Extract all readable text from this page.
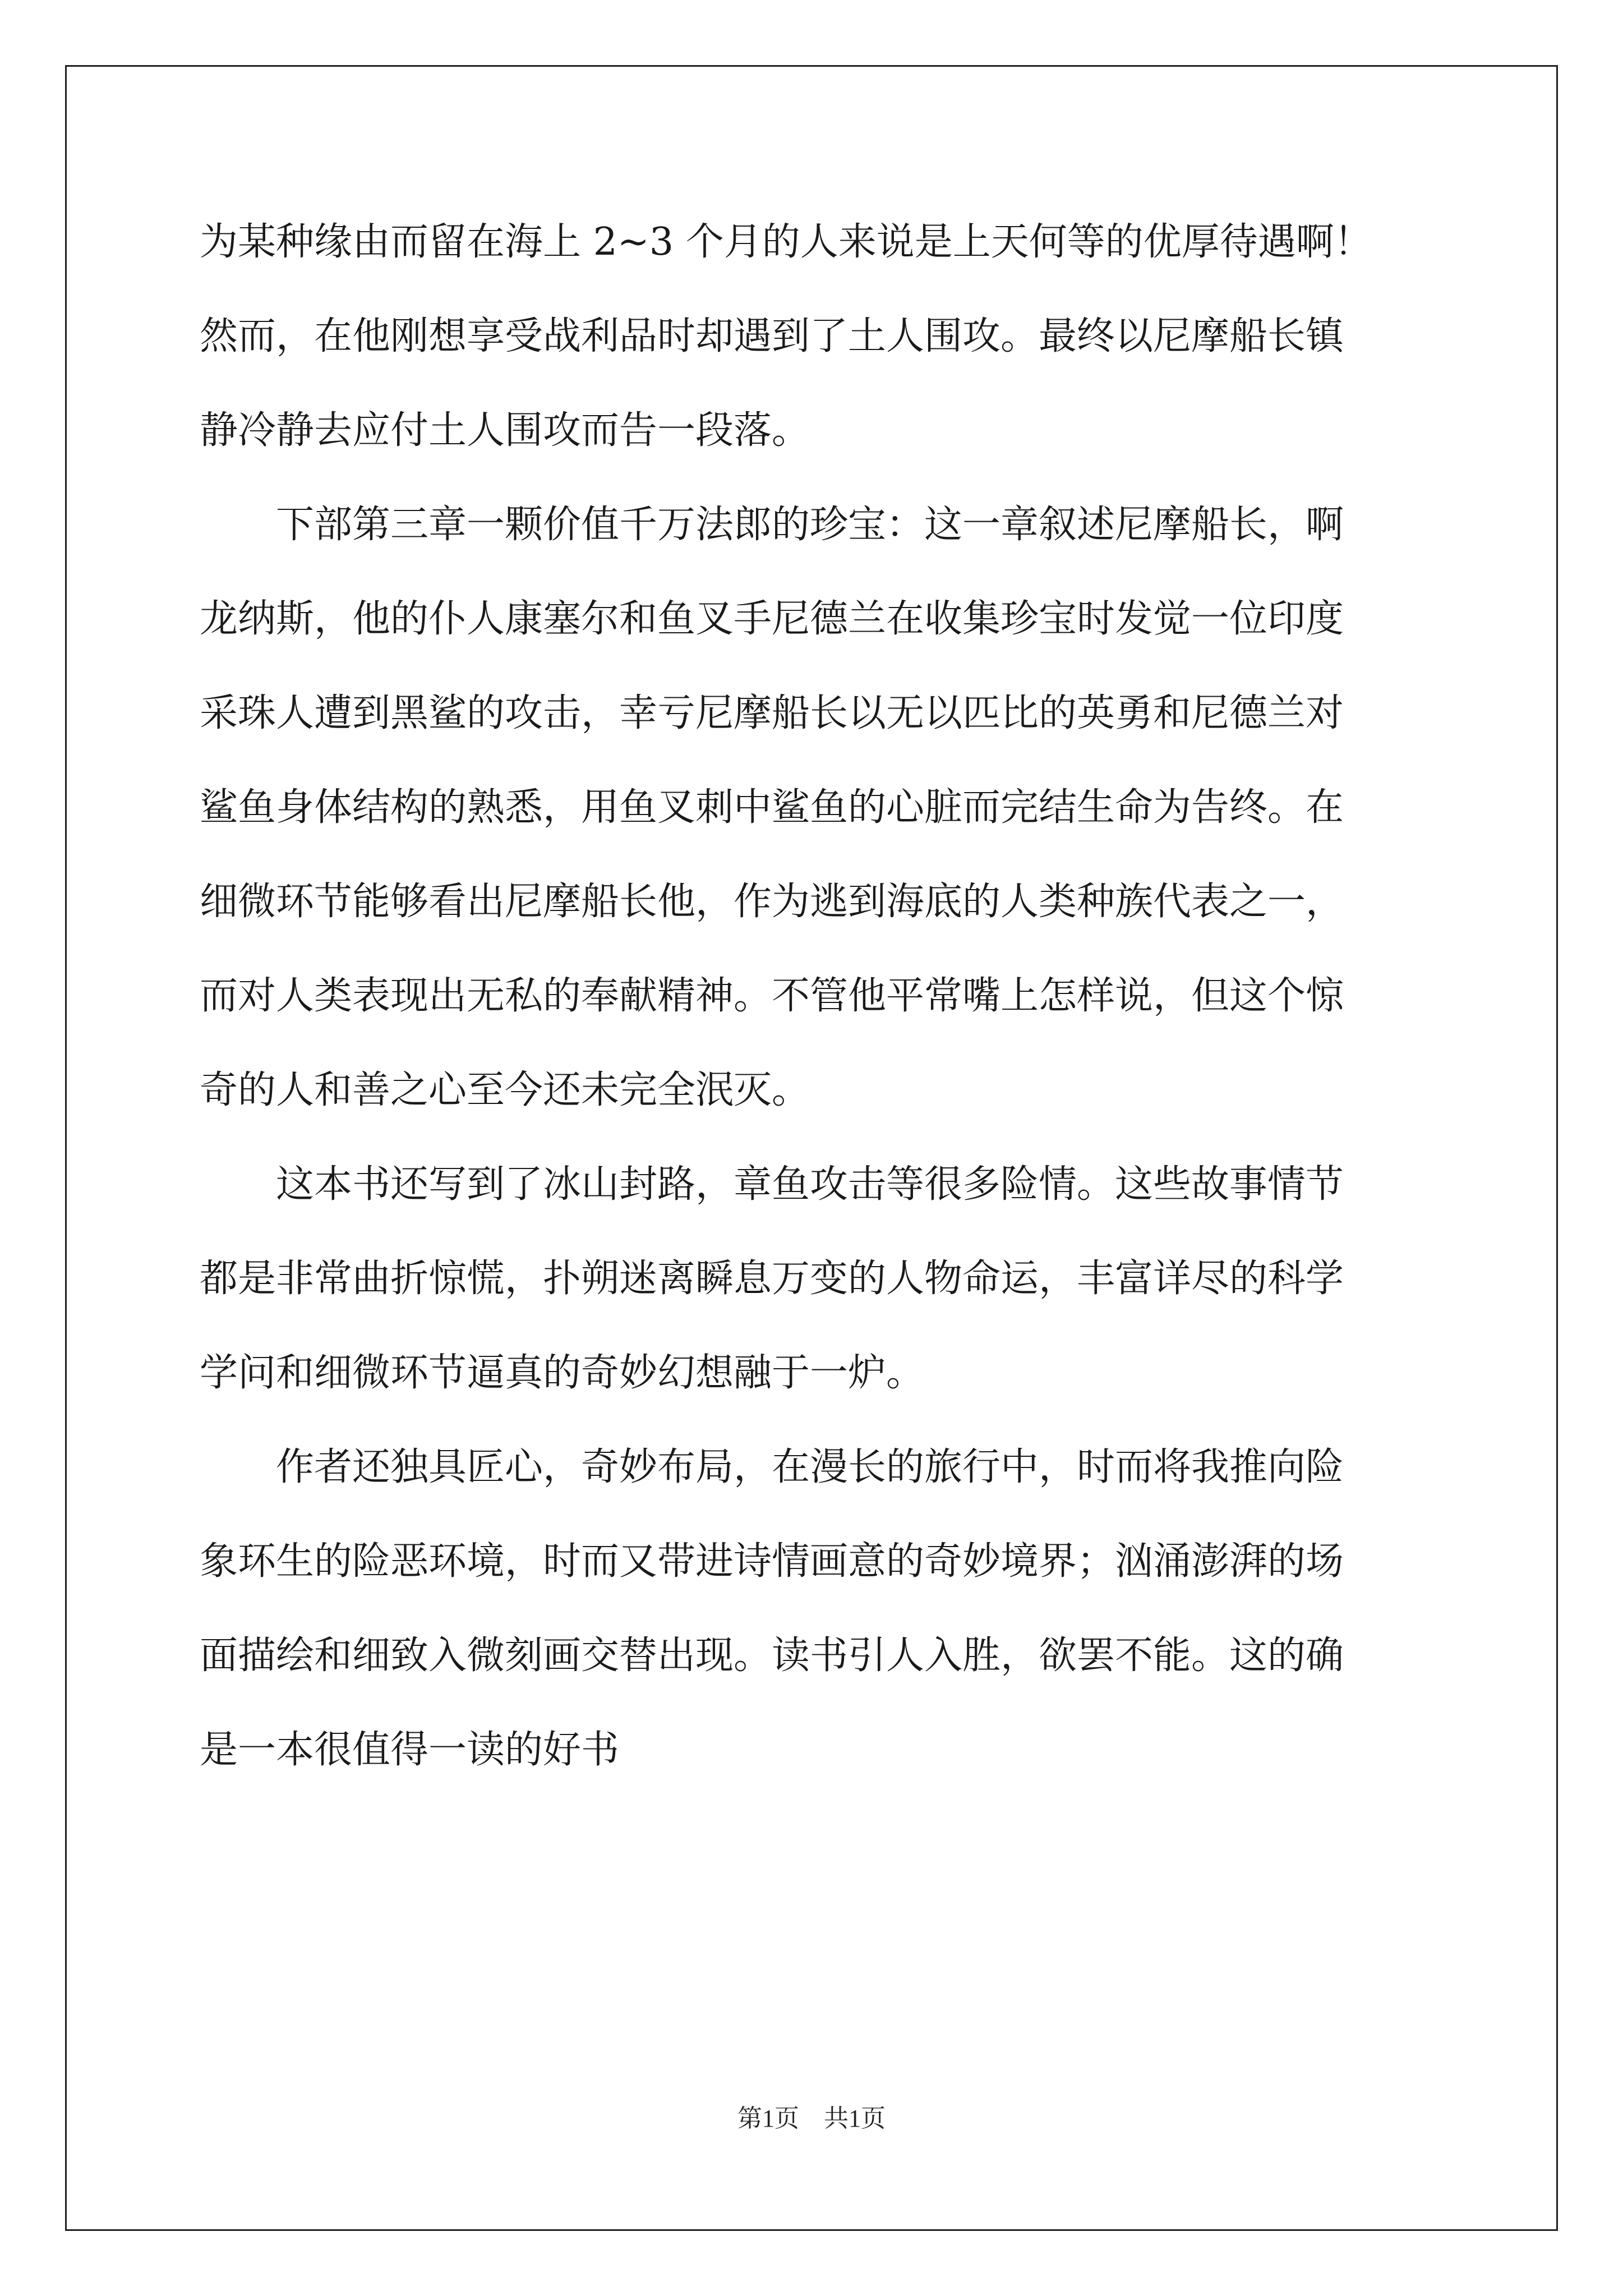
为某种缘由而留在海上 2~3 个月的人来说是上天何等的优厚待遇啊！
然而，在他刚想享受战利品时却遇到了土人围攻。最终以尼摩船长镇
静冷静去应付土人围攻而告一段落。
　　下部第三章一颗价值千万法郎的珍宝：这一章叙述尼摩船长，啊
龙纳斯，他的仆人康塞尔和鱼叉手尼德兰在收集珍宝时发觉一位印度
采珠人遭到黑鲨的攻击，幸亏尼摩船长以无以匹比的英勇和尼德兰对
鲨鱼身体结构的熟悉，用鱼叉刺中鲨鱼的心脏而完结生命为告终。在
细微环节能够看出尼摩船长他，作为逃到海底的人类种族代表之一，
而对人类表现出无私的奉献精神。不管他平常嘴上怎样说，但这个惊
奇的人和善之心至今还未完全泯灭。
　　这本书还写到了冰山封路，章鱼攻击等很多险情。这些故事情节
都是非常曲折惊慌，扑朔迷离瞬息万变的人物命运，丰富详尽的科学
学问和细微环节逼真的奇妙幻想融于一炉。
　　作者还独具匠心，奇妙布局，在漫长的旅行中，时而将我推向险
象环生的险恶环境，时而又带进诗情画意的奇妙境界；汹涌澎湃的场
面描绘和细致入微刻画交替出现。读书引人入胜，欲罢不能。这的确
是一本很值得一读的好书
第1页　共1页
